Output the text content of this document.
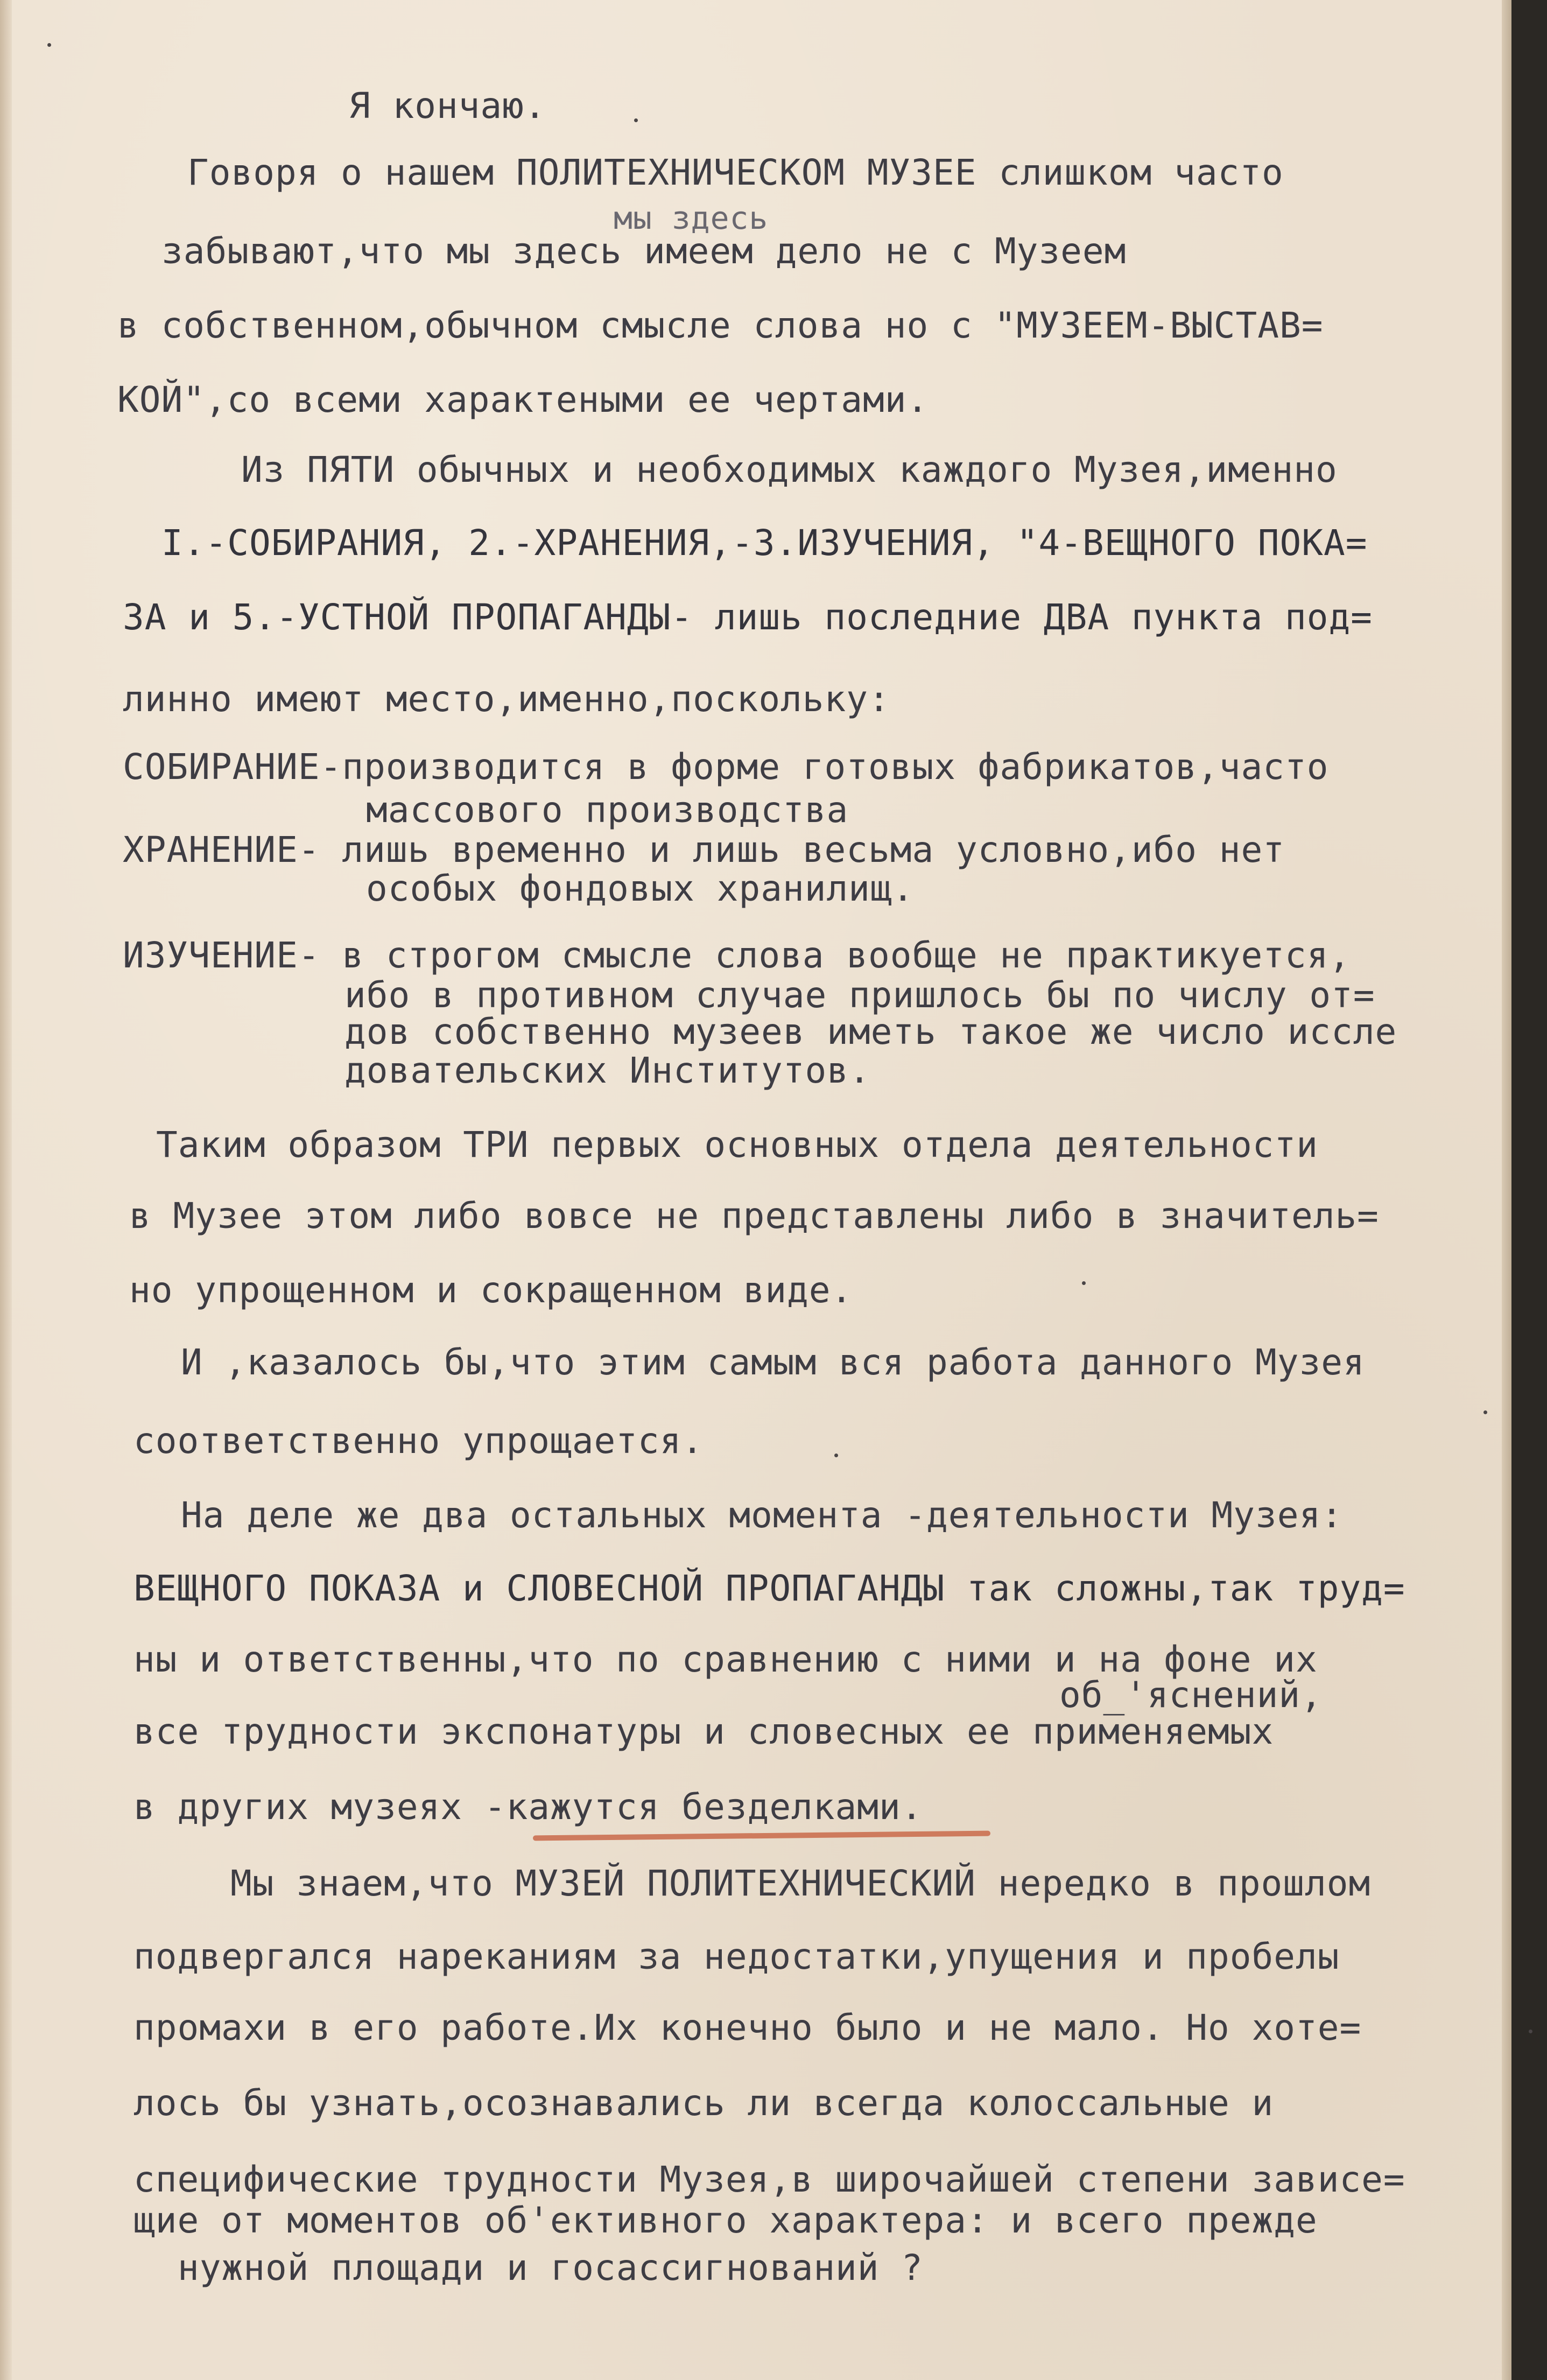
Я кончаю.

Говоря о нашем ПОЛИТЕХНИЧЕСКОМ МУЗЕЕ слишком часто

мы здесь

забывают,что мы здесь имеем дело не с Музеем

в собственном,обычном смысле слова но с "МУЗЕЕМ-ВЫСТАВ=

КОЙ",со всеми характеными ее чертами.

Из ПЯТИ обычных и необходимых каждого Музея,именно

I.-СОБИРАНИЯ, 2.-ХРАНЕНИЯ,-3.ИЗУЧЕНИЯ, "4-ВЕЩНОГО ПОКА=

ЗА и 5.-УСТНОЙ ПРОПАГАНДЫ- лишь последние ДВА пункта под=

линно имеют место,именно,поскольку:

СОБИРАНИЕ-производится в форме готовых фабрикатов,часто

массового производства

ХРАНЕНИЕ- лишь временно и лишь весьма условно,ибо нет

особых фондовых хранилищ.

ИЗУЧЕНИЕ- в строгом смысле слова вообще не практикуется,

ибо в противном случае пришлось бы по числу от=

дов собственно музеев иметь такое же число иссле

довательских Институтов.

Таким образом ТРИ первых основных отдела деятельности

в Музее этом либо вовсе не представлены либо в значитель=

но упрощенном и сокращенном виде.

И ,казалось бы,что этим самым вся работа данного Музея

соответственно упрощается.

На деле же два остальных момента -деятельности Музея:

ВЕЩНОГО ПОКАЗА и СЛОВЕСНОЙ ПРОПАГАНДЫ так сложны,так труд=

ны и ответственны,что по сравнению с ними и на фоне их

об_'яснений,

все трудности экспонатуры и словесных ее применяемых

в других музеях -кажутся безделками.

Мы знаем,что МУЗЕЙ ПОЛИТЕХНИЧЕСКИЙ нередко в прошлом

подвергался нареканиям за недостатки,упущения и пробелы

промахи в его работе.Их конечно было и не мало. Но хоте=

лось бы узнать,осознавались ли всегда колоссальные и

специфические трудности Музея,в широчайшей степени зависе=

щие от моментов об'ективного характера: и всего прежде

нужной площади и госассигнований ?
